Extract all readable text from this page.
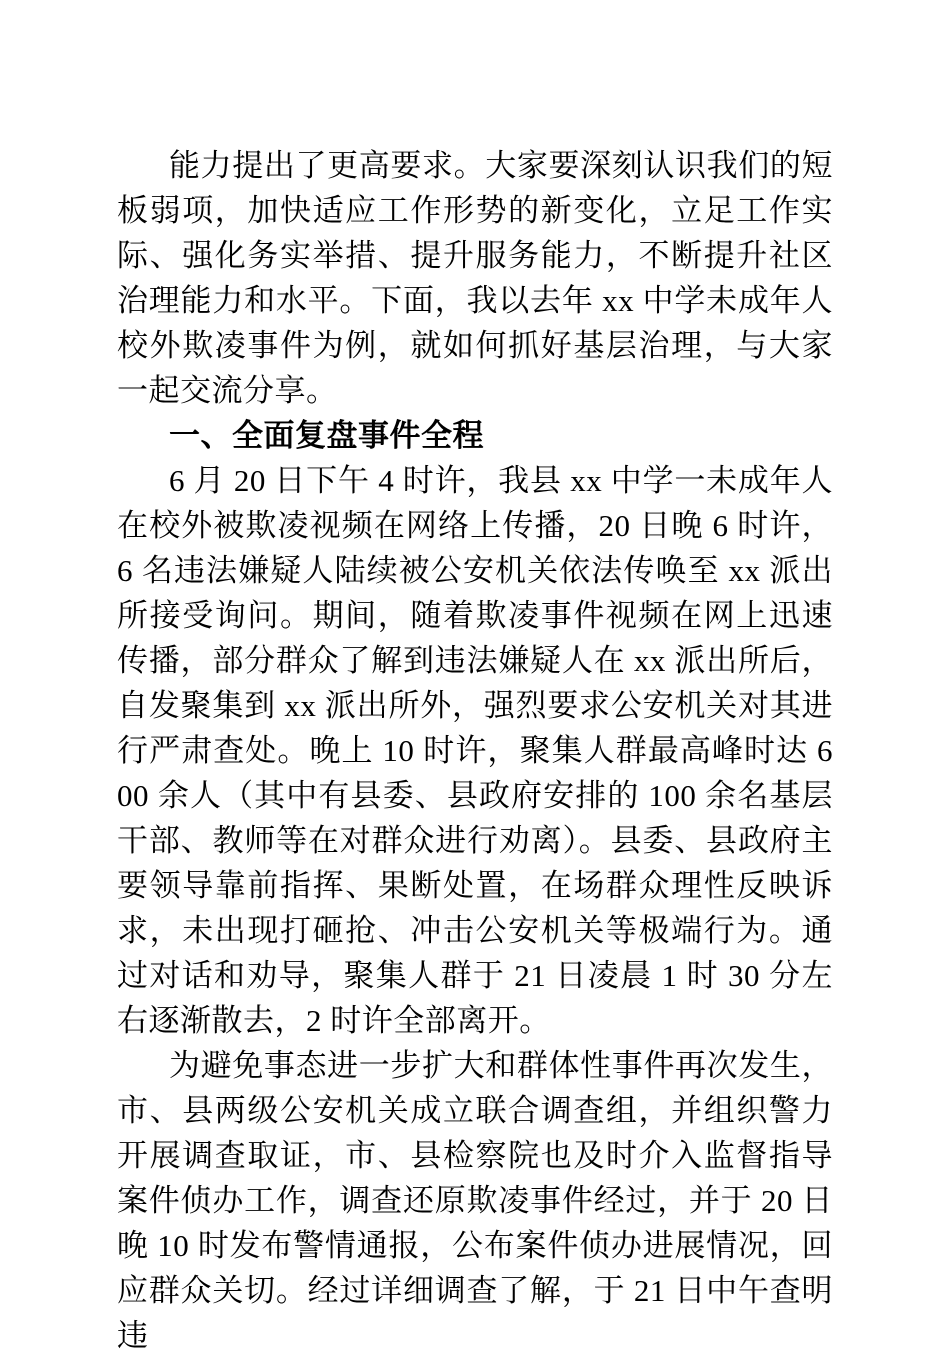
能力提出了更高要求。大家要深刻认识我们的短板弱项，加快适应工作形势的新变化，立足工作实际、强化务实举措、提升服务能力，不断提升社区治理能力和水平。下面，我以去年 xx 中学未成年人校外欺凌事件为例，就如何抓好基层治理，与大家一起交流分享。

一、全面复盘事件全程

6 月 20 日下午 4 时许，我县 xx 中学一未成年人在校外被欺凌视频在网络上传播，20 日晚 6 时许，6 名违法嫌疑人陆续被公安机关依法传唤至 xx 派出所接受询问。期间，随着欺凌事件视频在网上迅速传播，部分群众了解到违法嫌疑人在 xx 派出所后，自发聚集到 xx 派出所外，强烈要求公安机关对其进行严肃查处。晚上 10 时许，聚集人群最高峰时达 600 余人（其中有县委、县政府安排的 100 余名基层干部、教师等在对群众进行劝离）。县委、县政府主要领导靠前指挥、果断处置，在场群众理性反映诉求，未出现打砸抢、冲击公安机关等极端行为。通过对话和劝导，聚集人群于 21 日凌晨 1 时 30 分左右逐渐散去，2 时许全部离开。

为避免事态进一步扩大和群体性事件再次发生，市、县两级公安机关成立联合调查组，并组织警力开展调查取证，市、县检察院也及时介入监督指导案件侦办工作，调查还原欺凌事件经过，并于 20 日晚 10 时发布警情通报，公布案件侦办进展情况，回应群众关切。经过详细调查了解，于 21 日中午查明违
